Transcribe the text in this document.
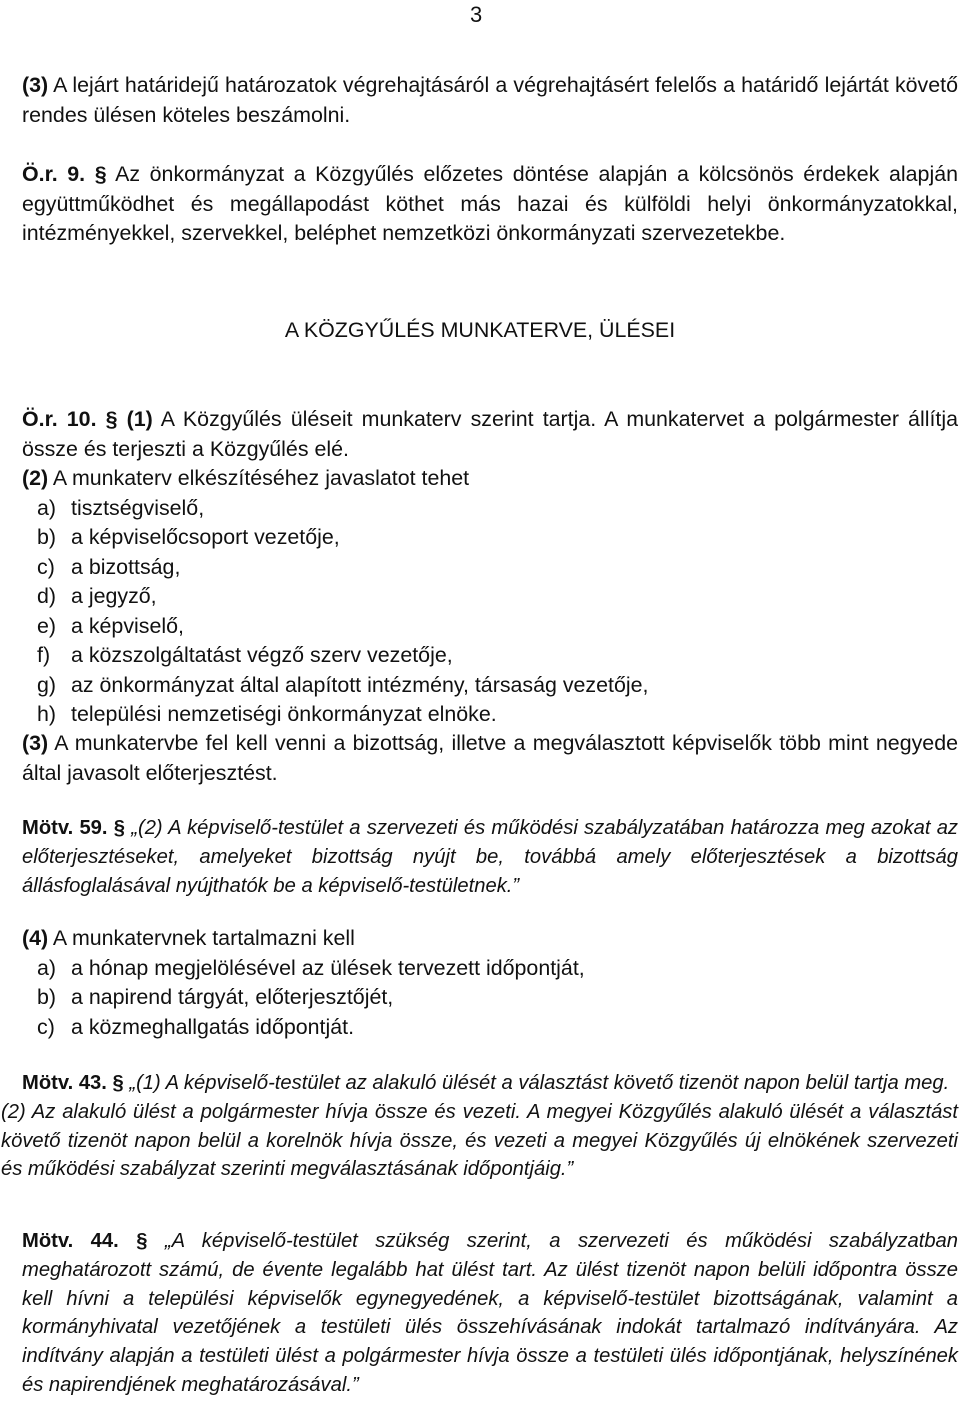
3

(3) A lejárt határidejű határozatok végrehajtásáról a végrehajtásért felelős a határidő lejártát követő rendes ülésen köteles beszámolni.

Ö.r. 9. § Az önkormányzat a Közgyűlés előzetes döntése alapján a kölcsönös érdekek alapján együttműködhet és megállapodást köthet más hazai és külföldi helyi önkormányzatokkal, intézményekkel, szervekkel, beléphet nemzetközi önkormányzati szervezetekbe.

A KÖZGYŰLÉS MUNKATERVE, ÜLÉSEI

Ö.r. 10. § (1) A Közgyűlés üléseit munkaterv szerint tartja. A munkatervet a polgármester állítja össze és terjeszti a Közgyűlés elé.

(2) A munkaterv elkészítéséhez javaslatot tehet

a) tisztségviselő,

b) a képviselőcsoport vezetője,

c) a bizottság,

d) a jegyző,

e) a képviselő,

f) a közszolgáltatást végző szerv vezetője,

g) az önkormányzat által alapított intézmény, társaság vezetője,

h) települési nemzetiségi önkormányzat elnöke.

(3) A munkatervbe fel kell venni a bizottság, illetve a megválasztott képviselők több mint negyede által javasolt előterjesztést.

Mötv. 59. § „(2) A képviselő-testület a szervezeti és működési szabályzatában határozza meg azokat az előterjesztéseket, amelyeket bizottság nyújt be, továbbá amely előterjesztések a bizottság állásfoglalásával nyújthatók be a képviselő-testületnek.”

(4) A munkatervnek tartalmazni kell

a) a hónap megjelölésével az ülések tervezett időpontját,

b) a napirend tárgyát, előterjesztőjét,

c) a közmeghallgatás időpontját.

Mötv. 43. § „(1) A képviselő-testület az alakuló ülését a választást követő tizenöt napon belül tartja meg.

(2) Az alakuló ülést a polgármester hívja össze és vezeti. A megyei Közgyűlés alakuló ülését a választást követő tizenöt napon belül a korelnök hívja össze, és vezeti a megyei Közgyűlés új elnökének szervezeti és működési szabályzat szerinti megválasztásának időpontjáig.”

Mötv. 44. § „A képviselő-testület szükség szerint, a szervezeti és működési szabályzatban meghatározott számú, de évente legalább hat ülést tart. Az ülést tizenöt napon belüli időpontra össze kell hívni a települési képviselők egynegyedének, a képviselő-testület bizottságának, valamint a kormányhivatal vezetőjének a testületi ülés összehívásának indokát tartalmazó indítványára. Az indítvány alapján a testületi ülést a polgármester hívja össze a testületi ülés időpontjának, helyszínének és napirendjének meghatározásával.”
